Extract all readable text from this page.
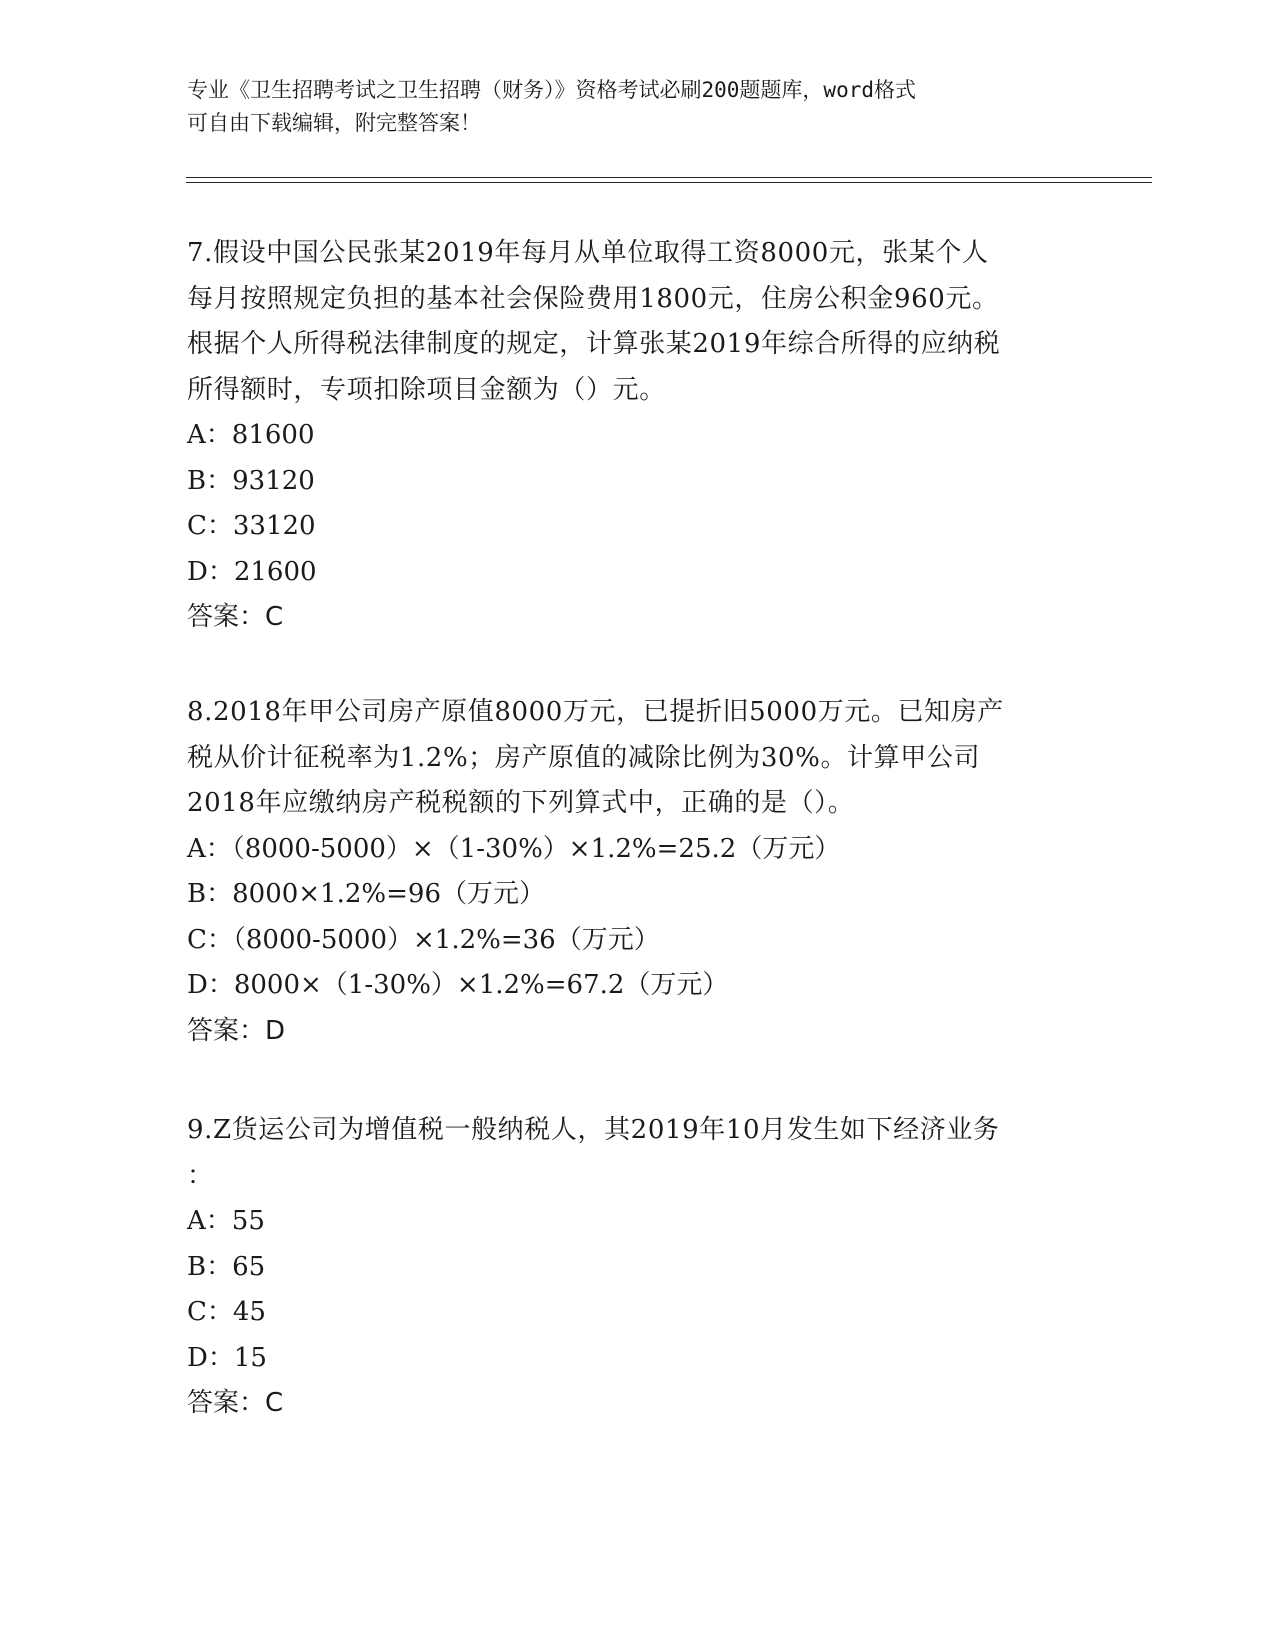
专业《卫生招聘考试之卫生招聘（财务）》资格考试必刷200题题库，word格式
可自由下载编辑，附完整答案！
7.假设中国公民张某2019年每月从单位取得工资8000元，张某个人
每月按照规定负担的基本社会保险费用1800元，住房公积金960元。
根据个人所得税法律制度的规定，计算张某2019年综合所得的应纳税
所得额时，专项扣除项目金额为（）元。
A：81600
B：93120
C：33120
D：21600
答案：C
8.2018年甲公司房产原值8000万元，已提折旧5000万元。已知房产
税从价计征税率为1.2%；房产原值的减除比例为30%。计算甲公司
2018年应缴纳房产税税额的下列算式中，正确的是（）。
A：（8000-5000）×（1-30%）×1.2%=25.2（万元）
B：8000×1.2%=96（万元）
C：（8000-5000）×1.2%=36（万元）
D：8000×（1-30%）×1.2%=67.2（万元）
答案：D
9.Z货运公司为增值税一般纳税人，其2019年10月发生如下经济业务
：
A：55
B：65
C：45
D：15
答案：C
